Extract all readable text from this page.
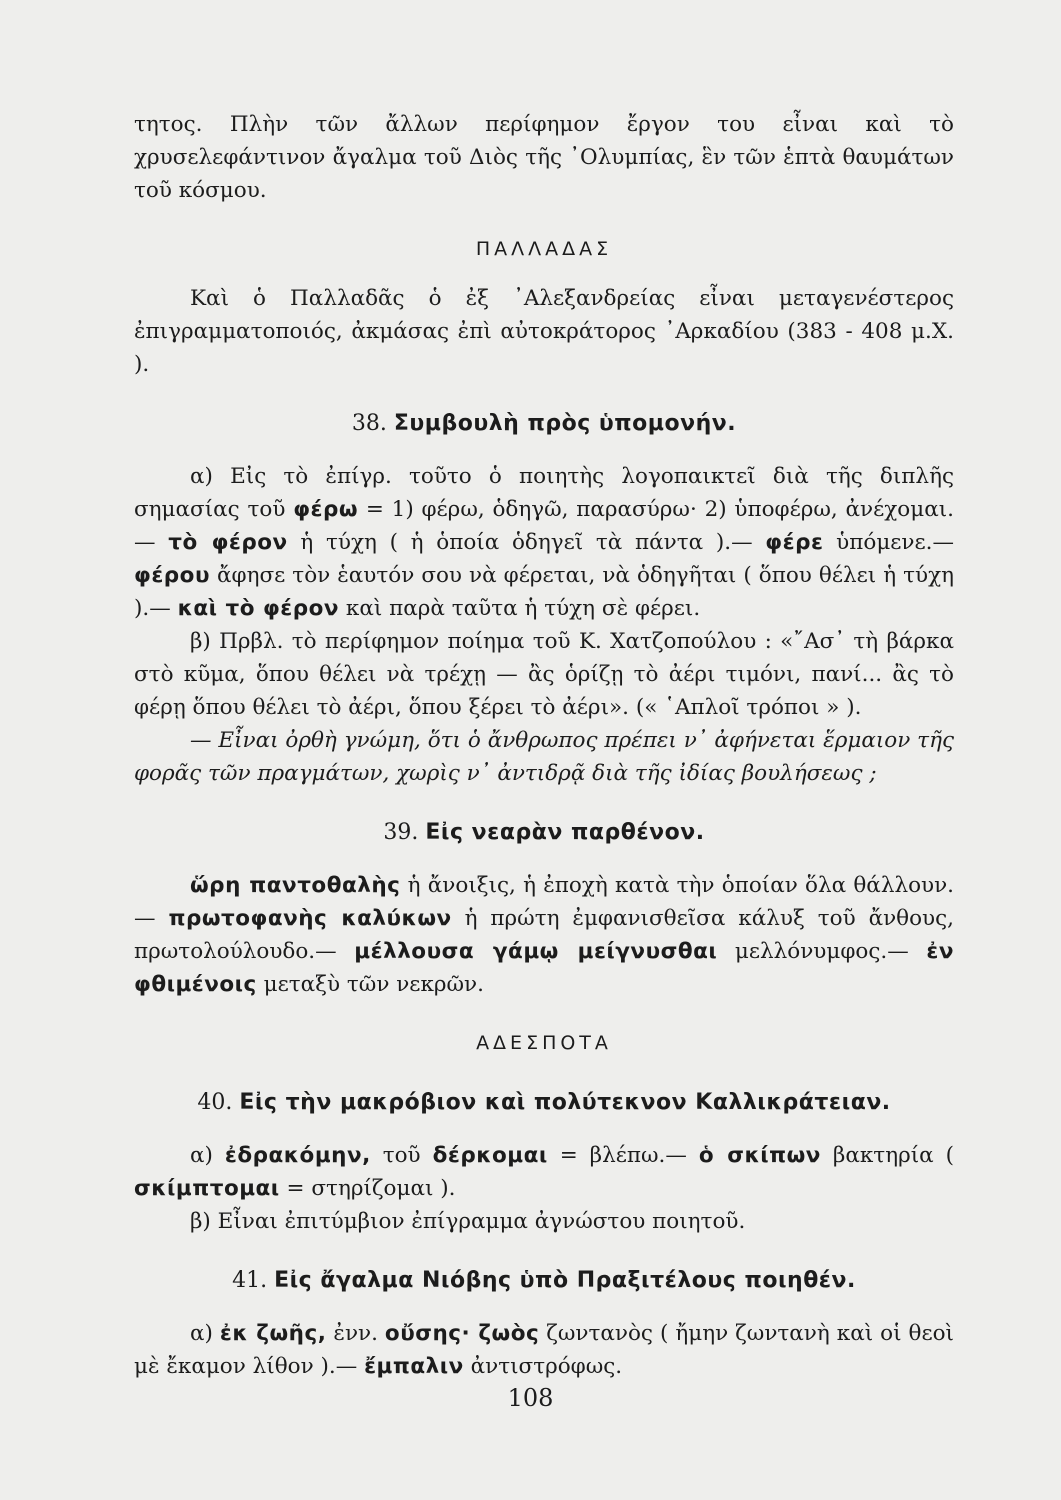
τητος. Πλὴν τῶν ἄλλων περίφημον ἔργον του εἶναι καὶ τὸ χρυσελεφάντινον ἄγαλμα τοῦ Διὸς τῆς ᾿Ολυμπίας, ἓν τῶν ἑπτὰ θαυμάτων τοῦ κόσμου.

ΠΑΛΛΑΔΑΣ

Καὶ ὁ Παλλαδᾶς ὁ ἐξ ᾿Αλεξανδρείας εἶναι μεταγενέστερος ἐπιγραμματοποιός, ἀκμάσας ἐπὶ αὐτοκράτορος ᾿Αρκαδίου (383 - 408 μ.Χ. ).

38. Συμβουλὴ πρὸς ὑπομονήν.

α) Εἰς τὸ ἐπίγρ. τοῦτο ὁ ποιητὴς λογοπαικτεῖ διὰ τῆς διπλῆς σημασίας τοῦ φέρω = 1) φέρω, ὁδηγῶ, παρασύρω· 2) ὑποφέρω, ἀνέχομαι.— τὸ φέρον ἡ τύχη ( ἡ ὁποία ὁδηγεῖ τὰ πάντα ).— φέρε ὑπόμενε.— φέρου ἄφησε τὸν ἑαυτόν σου νὰ φέρεται, νὰ ὁδηγῆται ( ὅπου θέλει ἡ τύχη ).— καὶ τὸ φέρον καὶ παρὰ ταῦτα ἡ τύχη σὲ φέρει.

β) Πρβλ. τὸ περίφημον ποίημα τοῦ Κ. Χατζοπούλου : «῎Ασ᾿ τὴ βάρκα στὸ κῦμα, ὅπου θέλει νὰ τρέχῃ — ἂς ὁρίζῃ τὸ ἀέρι τιμόνι, πανί... ἂς τὸ φέρῃ ὅπου θέλει τὸ ἀέρι, ὅπου ξέρει τὸ ἀέρι». (« ῾Απλοῖ τρόποι » ).

— Εἶναι ὀρθὴ γνώμη, ὅτι ὁ ἄνθρωπος πρέπει ν᾿ ἀφήνεται ἕρμαιον τῆς φορᾶς τῶν πραγμάτων, χωρὶς ν᾿ ἀντιδρᾷ διὰ τῆς ἰδίας βουλήσεως ;

39. Εἰς νεαρὰν παρθένον.

ὥρη παντοθαλὴς ἡ ἄνοιξις, ἡ ἐποχὴ κατὰ τὴν ὁποίαν ὅλα θάλλουν.— πρωτοφανὴς καλύκων ἡ πρώτη ἐμφανισθεῖσα κάλυξ τοῦ ἄνθους, πρωτολούλουδο.— μέλλουσα γάμῳ μείγνυσθαι μελλόνυμφος.— ἐν φθιμένοις μεταξὺ τῶν νεκρῶν.

ΑΔΕΣΠΟΤΑ

40. Εἰς τὴν μακρόβιον καὶ πολύτεκνον Καλλικράτειαν.

α) ἐδρακόμην, τοῦ δέρκομαι = βλέπω.— ὁ σκίπων βακτηρία ( σκίμπτομαι = στηρίζομαι ).

β) Εἶναι ἐπιτύμβιον ἐπίγραμμα ἀγνώστου ποιητοῦ.

41. Εἰς ἄγαλμα Νιόβης ὑπὸ Πραξιτέλους ποιηθέν.

α) ἐκ ζωῆς, ἐνν. οὔσης· ζωὸς ζωντανὸς ( ἤμην ζωντανὴ καὶ οἱ θεοὶ μὲ ἔκαμον λίθον ).— ἔμπαλιν ἀντιστρόφως.

108
